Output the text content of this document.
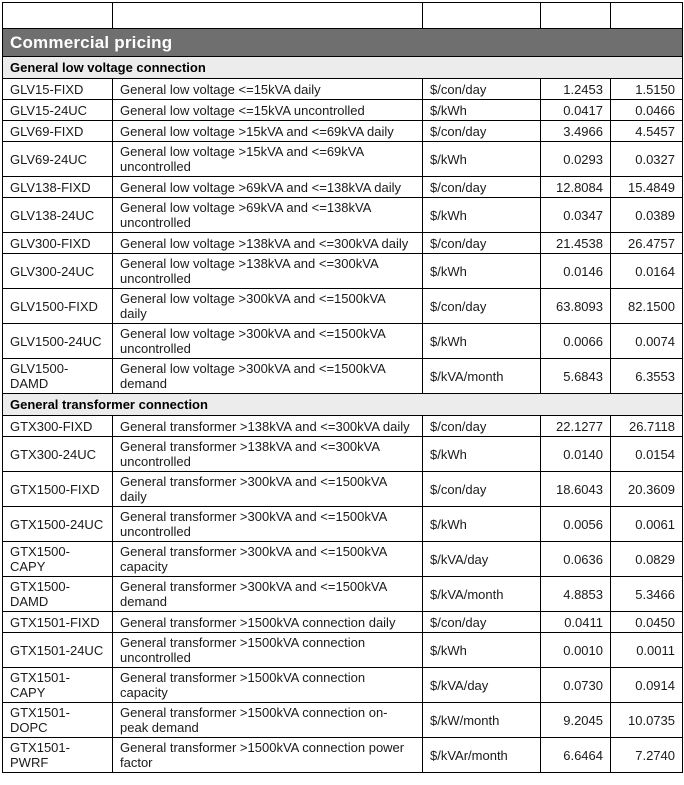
Code	Description	Units	1-Apr-25	1-Apr-26
Commercial pricing				
General low voltage connection				
GLV15-FIXD	General low voltage <=15kVA daily	$/con/day	1.2453	1.5150
GLV15-24UC	General low voltage <=15kVA uncontrolled	$/kWh	0.0417	0.0466
GLV69-FIXD	General low voltage >15kVA and <=69kVA daily	$/con/day	3.4966	4.5457
GLV69-24UC	General low voltage >15kVA and <=69kVA uncontrolled	$/kWh	0.0293	0.0327
GLV138-FIXD	General low voltage >69kVA and <=138kVA daily	$/con/day	12.8084	15.4849
GLV138-24UC	General low voltage >69kVA and <=138kVA uncontrolled	$/kWh	0.0347	0.0389
GLV300-FIXD	General low voltage >138kVA and <=300kVA daily	$/con/day	21.4538	26.4757
GLV300-24UC	General low voltage >138kVA and <=300kVA uncontrolled	$/kWh	0.0146	0.0164
GLV1500-FIXD	General low voltage >300kVA and <=1500kVA daily	$/con/day	63.8093	82.1500
GLV1500-24UC	General low voltage >300kVA and <=1500kVA uncontrolled	$/kWh	0.0066	0.0074
GLV1500-DAMD	General low voltage >300kVA and <=1500kVA demand	$/kVA/month	5.6843	6.3553
General transformer connection				
GTX300-FIXD	General transformer >138kVA and <=300kVA daily	$/con/day	22.1277	26.7118
GTX300-24UC	General transformer >138kVA and <=300kVA uncontrolled	$/kWh	0.0140	0.0154
GTX1500-FIXD	General transformer >300kVA and <=1500kVA daily	$/con/day	18.6043	20.3609
GTX1500-24UC	General transformer >300kVA and <=1500kVA uncontrolled	$/kWh	0.0056	0.0061
GTX1500-CAPY	General transformer >300kVA and <=1500kVA capacity	$/kVA/day	0.0636	0.0829
GTX1500-DAMD	General transformer >300kVA and <=1500kVA demand	$/kVA/month	4.8853	5.3466
GTX1501-FIXD	General transformer >1500kVA connection daily	$/con/day	0.0411	0.0450
GTX1501-24UC	General transformer >1500kVA connection uncontrolled	$/kWh	0.0010	0.0011
GTX1501-CAPY	General transformer >1500kVA connection capacity	$/kVA/day	0.0730	0.0914
GTX1501-DOPC	General transformer >1500kVA connection on-peak demand	$/kW/month	9.2045	10.0735
GTX1501-PWRF	General transformer >1500kVA connection power factor	$/kVAr/month	6.6464	7.2740
